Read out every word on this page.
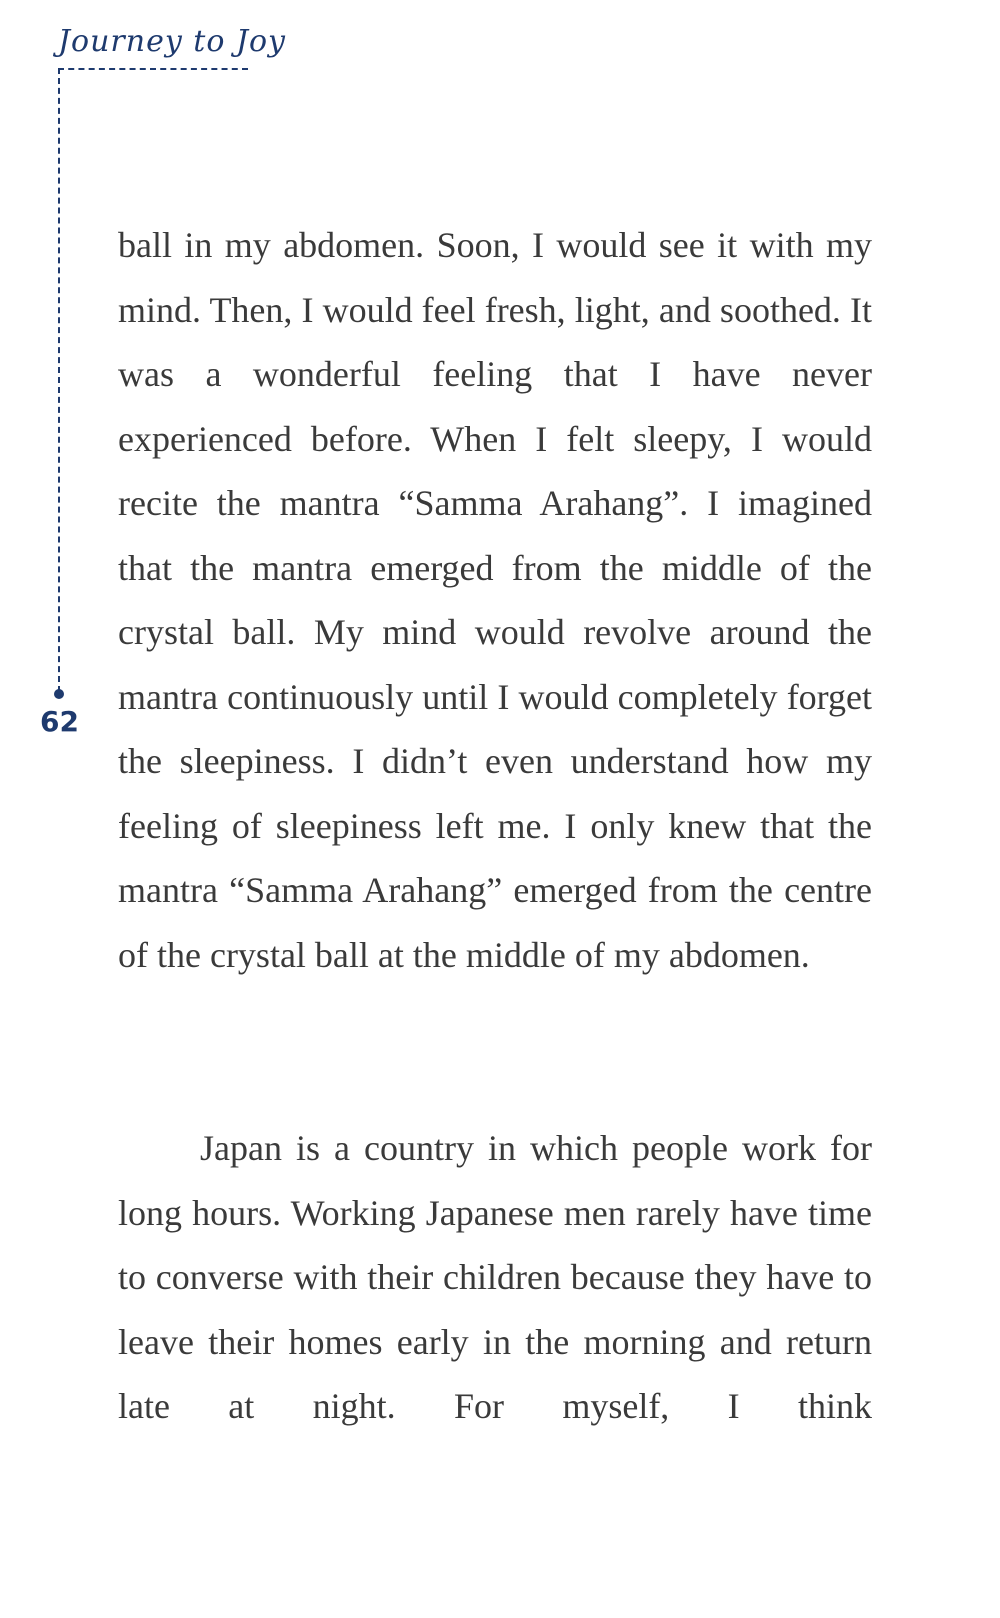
Journey to Joy
62

ball in my abdomen. Soon, I would see it with my mind. Then, I would feel fresh, light, and soothed. It was a wonderful feeling that I have never experienced before. When I felt sleepy, I would recite the mantra “Samma Arahang”. I imagined that the mantra emerged from the middle of the crystal ball. My mind would revolve around the mantra continuously until I would completely forget the sleepiness. I didn’t even understand how my feeling of sleepiness left me. I only knew that the mantra “Samma Arahang” emerged from the centre of the crystal ball at the middle of my abdomen.

Japan is a country in which people work for long hours. Working Japanese men rarely have time to converse with their children because they have to leave their homes early in the morning and return late at night. For myself, I think
